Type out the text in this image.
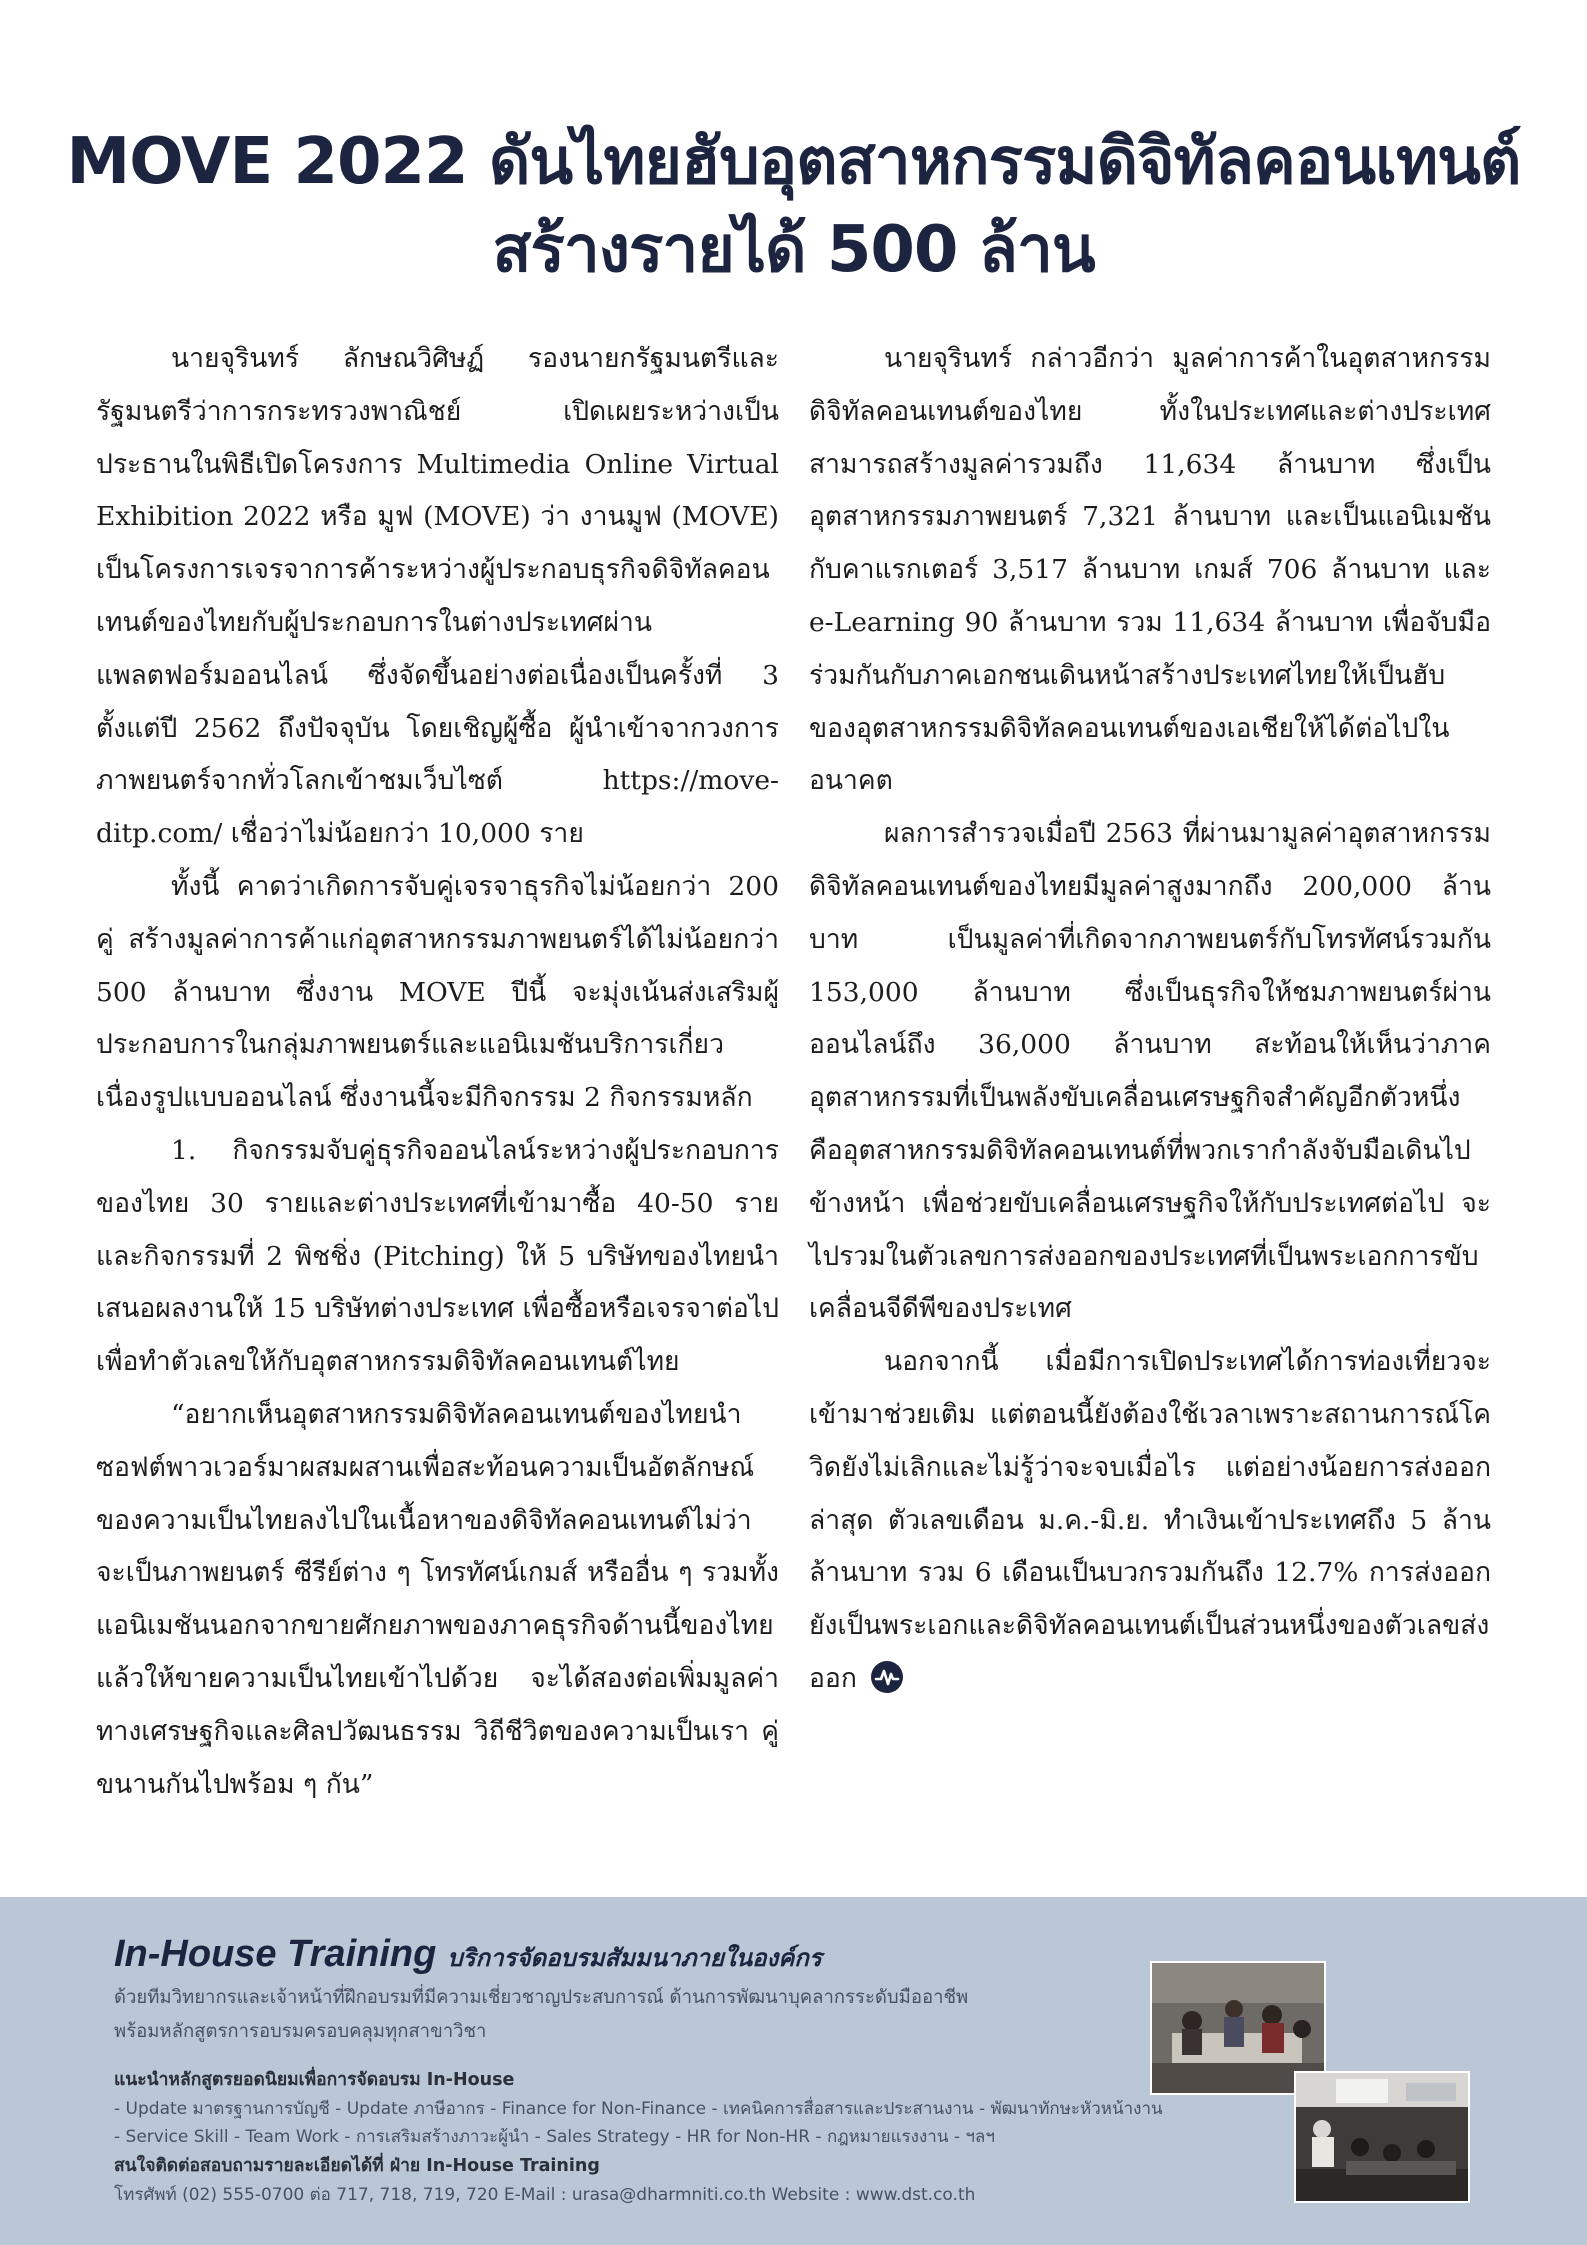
MOVE 2022 ดันไทยฮับอุตสาหกรรมดิจิทัลคอนเทนต์
สร้างรายได้ 500 ล้าน

นายจุรินทร์ ลักษณวิศิษฏ์ รองนายกรัฐมนตรีและรัฐมนตรีว่าการกระทรวงพาณิชย์ เปิดเผยระหว่างเป็นประธานในพิธีเปิดโครงการ Multimedia Online Virtual Exhibition 2022 หรือ มูฟ (MOVE) ว่า งานมูฟ (MOVE) เป็นโครงการเจรจาการค้าระหว่างผู้ประกอบธุรกิจดิจิทัลคอนเทนต์ของไทยกับผู้ประกอบการในต่างประเทศผ่านแพลตฟอร์มออนไลน์ ซึ่งจัดขึ้นอย่างต่อเนื่องเป็นครั้งที่ 3 ตั้งแต่ปี 2562 ถึงปัจจุบัน โดยเชิญผู้ซื้อ ผู้นำเข้าจากวงการภาพยนตร์จากทั่วโลกเข้าชมเว็บไซต์ https://move-ditp.com/ เชื่อว่าไม่น้อยกว่า 10,000 ราย

ทั้งนี้ คาดว่าเกิดการจับคู่เจรจาธุรกิจไม่น้อยกว่า 200 คู่ สร้างมูลค่าการค้าแก่อุตสาหกรรมภาพยนตร์ได้ไม่น้อยกว่า 500 ล้านบาท ซึ่งงาน MOVE ปีนี้ จะมุ่งเน้นส่งเสริมผู้ประกอบการในกลุ่มภาพยนตร์และแอนิเมชันบริการเกี่ยวเนื่องรูปแบบออนไลน์ ซึ่งงานนี้จะมีกิจกรรม 2 กิจกรรมหลัก

1. กิจกรรมจับคู่ธุรกิจออนไลน์ระหว่างผู้ประกอบการของไทย 30 รายและต่างประเทศที่เข้ามาซื้อ 40-50 ราย และกิจกรรมที่ 2 พิชชิ่ง (Pitching) ให้ 5 บริษัทของไทยนำเสนอผลงานให้ 15 บริษัทต่างประเทศ เพื่อซื้อหรือเจรจาต่อไปเพื่อทำตัวเลขให้กับอุตสาหกรรมดิจิทัลคอนเทนต์ไทย

“อยากเห็นอุตสาหกรรมดิจิทัลคอนเทนต์ของไทยนำซอฟต์พาวเวอร์มาผสมผสานเพื่อสะท้อนความเป็นอัตลักษณ์ของความเป็นไทยลงไปในเนื้อหาของดิจิทัลคอนเทนต์ไม่ว่าจะเป็นภาพยนตร์ ซีรีย์ต่าง ๆ โทรทัศน์เกมส์ หรืออื่น ๆ รวมทั้งแอนิเมชันนอกจากขายศักยภาพของภาคธุรกิจด้านนี้ของไทยแล้วให้ขายความเป็นไทยเข้าไปด้วย จะได้สองต่อเพิ่มมูลค่าทางเศรษฐกิจและศิลปวัฒนธรรม วิถีชีวิตของความเป็นเรา คู่ขนานกันไปพร้อม ๆ กัน”

นายจุรินทร์ กล่าวอีกว่า มูลค่าการค้าในอุตสาหกรรมดิจิทัลคอนเทนต์ของไทย ทั้งในประเทศและต่างประเทศสามารถสร้างมูลค่ารวมถึง 11,634 ล้านบาท ซึ่งเป็นอุตสาหกรรมภาพยนตร์ 7,321 ล้านบาท และเป็นแอนิเมชันกับคาแรกเตอร์ 3,517 ล้านบาท เกมส์ 706 ล้านบาท และ e-Learning 90 ล้านบาท รวม 11,634 ล้านบาท เพื่อจับมือร่วมกันกับภาคเอกชนเดินหน้าสร้างประเทศไทยให้เป็นฮับของอุตสาหกรรมดิจิทัลคอนเทนต์ของเอเชียให้ได้ต่อไปในอนาคต

ผลการสำรวจเมื่อปี 2563 ที่ผ่านมามูลค่าอุตสาหกรรมดิจิทัลคอนเทนต์ของไทยมีมูลค่าสูงมากถึง 200,000 ล้านบาท เป็นมูลค่าที่เกิดจากภาพยนตร์กับโทรทัศน์รวมกัน 153,000 ล้านบาท ซึ่งเป็นธุรกิจให้ชมภาพยนตร์ผ่านออนไลน์ถึง 36,000 ล้านบาท สะท้อนให้เห็นว่าภาคอุตสาหกรรมที่เป็นพลังขับเคลื่อนเศรษฐกิจสำคัญอีกตัวหนึ่งคืออุตสาหกรรมดิจิทัลคอนเทนต์ที่พวกเรากำลังจับมือเดินไปข้างหน้า เพื่อช่วยขับเคลื่อนเศรษฐกิจให้กับประเทศต่อไป จะไปรวมในตัวเลขการส่งออกของประเทศที่เป็นพระเอกการขับเคลื่อนจีดีพีของประเทศ

นอกจากนี้ เมื่อมีการเปิดประเทศได้การท่องเที่ยวจะเข้ามาช่วยเติม แต่ตอนนี้ยังต้องใช้เวลาเพราะสถานการณ์โควิดยังไม่เลิกและไม่รู้ว่าจะจบเมื่อไร แต่อย่างน้อยการส่งออกล่าสุด ตัวเลขเดือน ม.ค.-มิ.ย. ทำเงินเข้าประเทศถึง 5 ล้านล้านบาท รวม 6 เดือนเป็นบวกรวมกันถึง 12.7% การส่งออกยังเป็นพระเอกและดิจิทัลคอนเทนต์เป็นส่วนหนึ่งของตัวเลขส่งออก

In-House Training บริการจัดอบรมสัมมนาภายในองค์กร
ด้วยทีมวิทยากรและเจ้าหน้าที่ฝึกอบรมที่มีความเชี่ยวชาญประสบการณ์ ด้านการพัฒนาบุคลากรระดับมืออาชีพ
พร้อมหลักสูตรการอบรมครอบคลุมทุกสาขาวิชา
แนะนำหลักสูตรยอดนิยมเพื่อการจัดอบรม In-House
- Update มาตรฐานการบัญชี - Update ภาษีอากร - Finance for Non-Finance - เทคนิคการสื่อสารและประสานงาน - พัฒนาทักษะหัวหน้างาน
- Service Skill - Team Work - การเสริมสร้างภาวะผู้นำ - Sales Strategy - HR for Non-HR - กฎหมายแรงงาน - ฯลฯ
สนใจติดต่อสอบถามรายละเอียดได้ที่ ฝ่าย In-House Training
โทรศัพท์ (02) 555-0700 ต่อ 717, 718, 719, 720 E-Mail : urasa@dharmniti.co.th Website : www.dst.co.th
